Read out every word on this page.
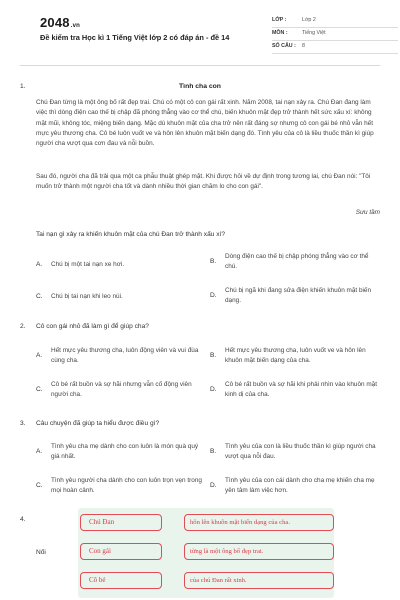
2048.vn
Đề kiểm tra Học kì 1 Tiếng Việt lớp 2 có đáp án - đề 14
LỚP :	Lớp 2
MÔN :	Tiếng Việt
SỐ CÂU :	8
1.	Tình cha con
Chú Đan từng là một ông bố rất đẹp trai. Chú có một cô con gái rất xinh. Năm 2008, tai nạn xảy ra. Chú Đan đang làm việc thì dòng điện cao thế bị chập đã phóng thẳng vào cơ thể chú, biến khuôn mặt đẹp trở thành hết sức xấu xí: không mặt mũi, không tóc, miệng biến dạng. Mặc dù khuôn mặt của cha trở nên rất đáng sợ nhưng cô con gái bé nhỏ vẫn hết mực yêu thương cha. Cô bé luôn vuốt ve và hôn lên khuôn mặt biến dạng đó. Tình yêu của cô là liều thuốc thần kì giúp người cha vượt qua cơn đau và nỗi buồn.
Sau đó, người cha đã trải qua một ca phẫu thuật ghép mặt. Khi được hỏi về dự định trong tương lai, chú Đan nói: "Tôi muốn trở thành một người cha tốt và dành nhiều thời gian chăm lo cho con gái".
Sưu tầm
Tai nạn gì xảy ra khiến khuôn mặt của chú Đan trở thành xấu xí?
A.	Chú bị một tai nạn xe hơi.	B.
Dòng điện cao thế bị chập phóng thẳng vào cơ thể chú.
C.	Chú bị tai nạn khi leo núi.	D.
Chú bị ngã khi đang sửa điện khiến khuôn mặt biến dạng.
2. Cô con gái nhỏ đã làm gì để giúp cha?
A.
Hết mực yêu thương cha, luôn động viên và vui đùa cùng cha.
B.
Hết mực yêu thương cha, luôn vuốt ve và hôn lên khuôn mặt biến dạng của cha.
C.
Cô bé rất buồn và sợ hãi nhưng vẫn cố động viên người cha.
D.
Cô bé rất buồn và sợ hãi khi phải nhìn vào khuôn mặt kinh dị của cha.
3. Câu chuyện đã giúp ta hiểu được điều gì?
A.
Tình yêu cha mẹ dành cho con luôn là món quà quý giá nhất.
B.
Tình yêu của con là liều thuốc thần kì giúp người cha vượt qua nỗi đau.
C.
Tình yêu người cha dành cho con luôn trọn vẹn trong mọi hoàn cảnh.
D.
Tình yêu của con cái dành cho cha mẹ khiến cha mẹ yên tâm làm việc hơn.
4.
Nối
Chú Đan
Con gái
Cô bé
hôn lên khuôn mặt biến dạng của cha.
từng là một ông bố đẹp trai.
của chú Đan rất xinh.
